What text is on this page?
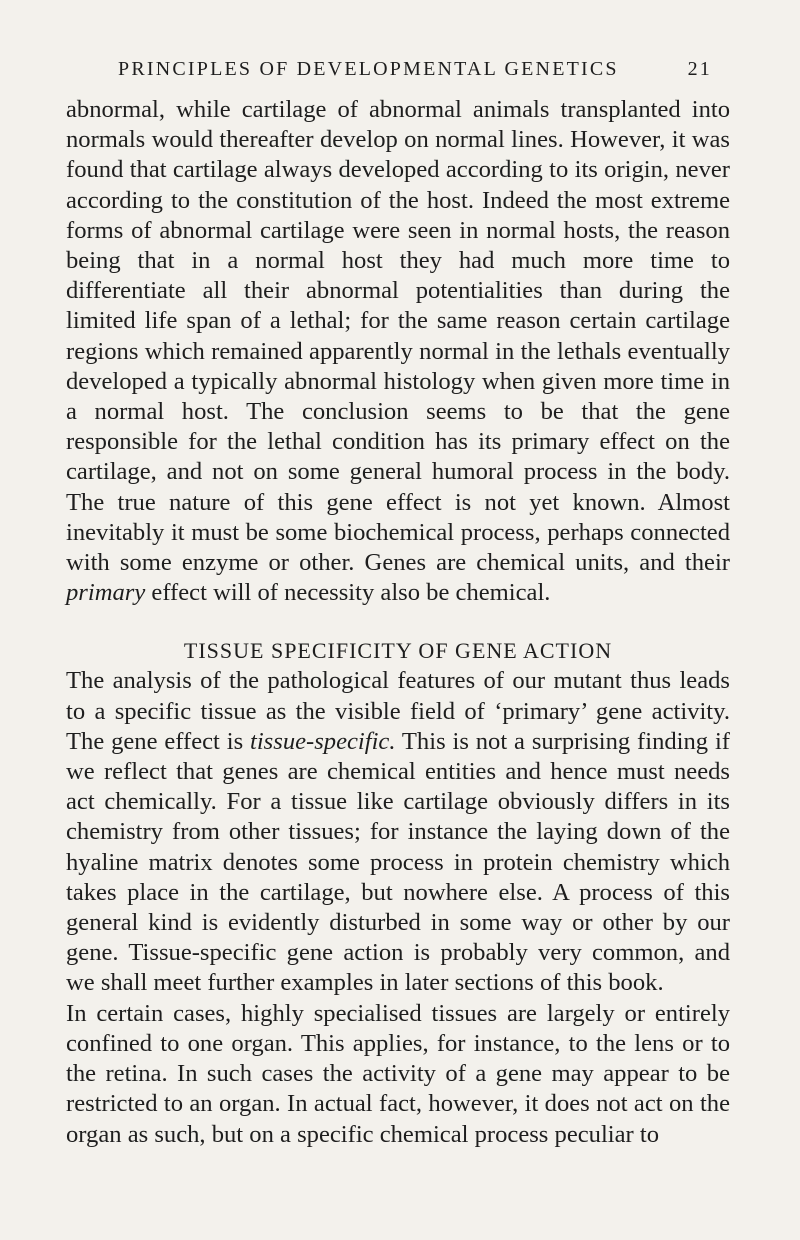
PRINCIPLES OF DEVELOPMENTAL GENETICS	21

abnormal, while cartilage of abnormal animals transplanted into normals would thereafter develop on normal lines. However, it was found that cartilage always developed according to its origin, never according to the constitution of the host. Indeed the most extreme forms of abnormal cartilage were seen in normal hosts, the reason being that in a normal host they had much more time to differentiate all their abnormal potentialities than during the limited life span of a lethal; for the same reason certain cartilage regions which remained apparently normal in the lethals eventually developed a typically abnormal histology when given more time in a normal host. The conclusion seems to be that the gene responsible for the lethal condition has its primary effect on the cartilage, and not on some general humoral process in the body. The true nature of this gene effect is not yet known. Almost inevitably it must be some biochemical process, perhaps connected with some enzyme or other. Genes are chemical units, and their primary effect will of necessity also be chemical.

TISSUE SPECIFICITY OF GENE ACTION

The analysis of the pathological features of our mutant thus leads to a specific tissue as the visible field of ‘primary’ gene activity. The gene effect is tissue-specific. This is not a surprising finding if we reflect that genes are chemical entities and hence must needs act chemically. For a tissue like cartilage obviously differs in its chemistry from other tissues; for instance the laying down of the hyaline matrix denotes some process in protein chemistry which takes place in the cartilage, but nowhere else. A process of this general kind is evidently disturbed in some way or other by our gene. Tissue-specific gene action is probably very common, and we shall meet further examples in later sections of this book.

In certain cases, highly specialised tissues are largely or entirely confined to one organ. This applies, for instance, to the lens or to the retina. In such cases the activity of a gene may appear to be restricted to an organ. In actual fact, however, it does not act on the organ as such, but on a specific chemical process peculiar to
